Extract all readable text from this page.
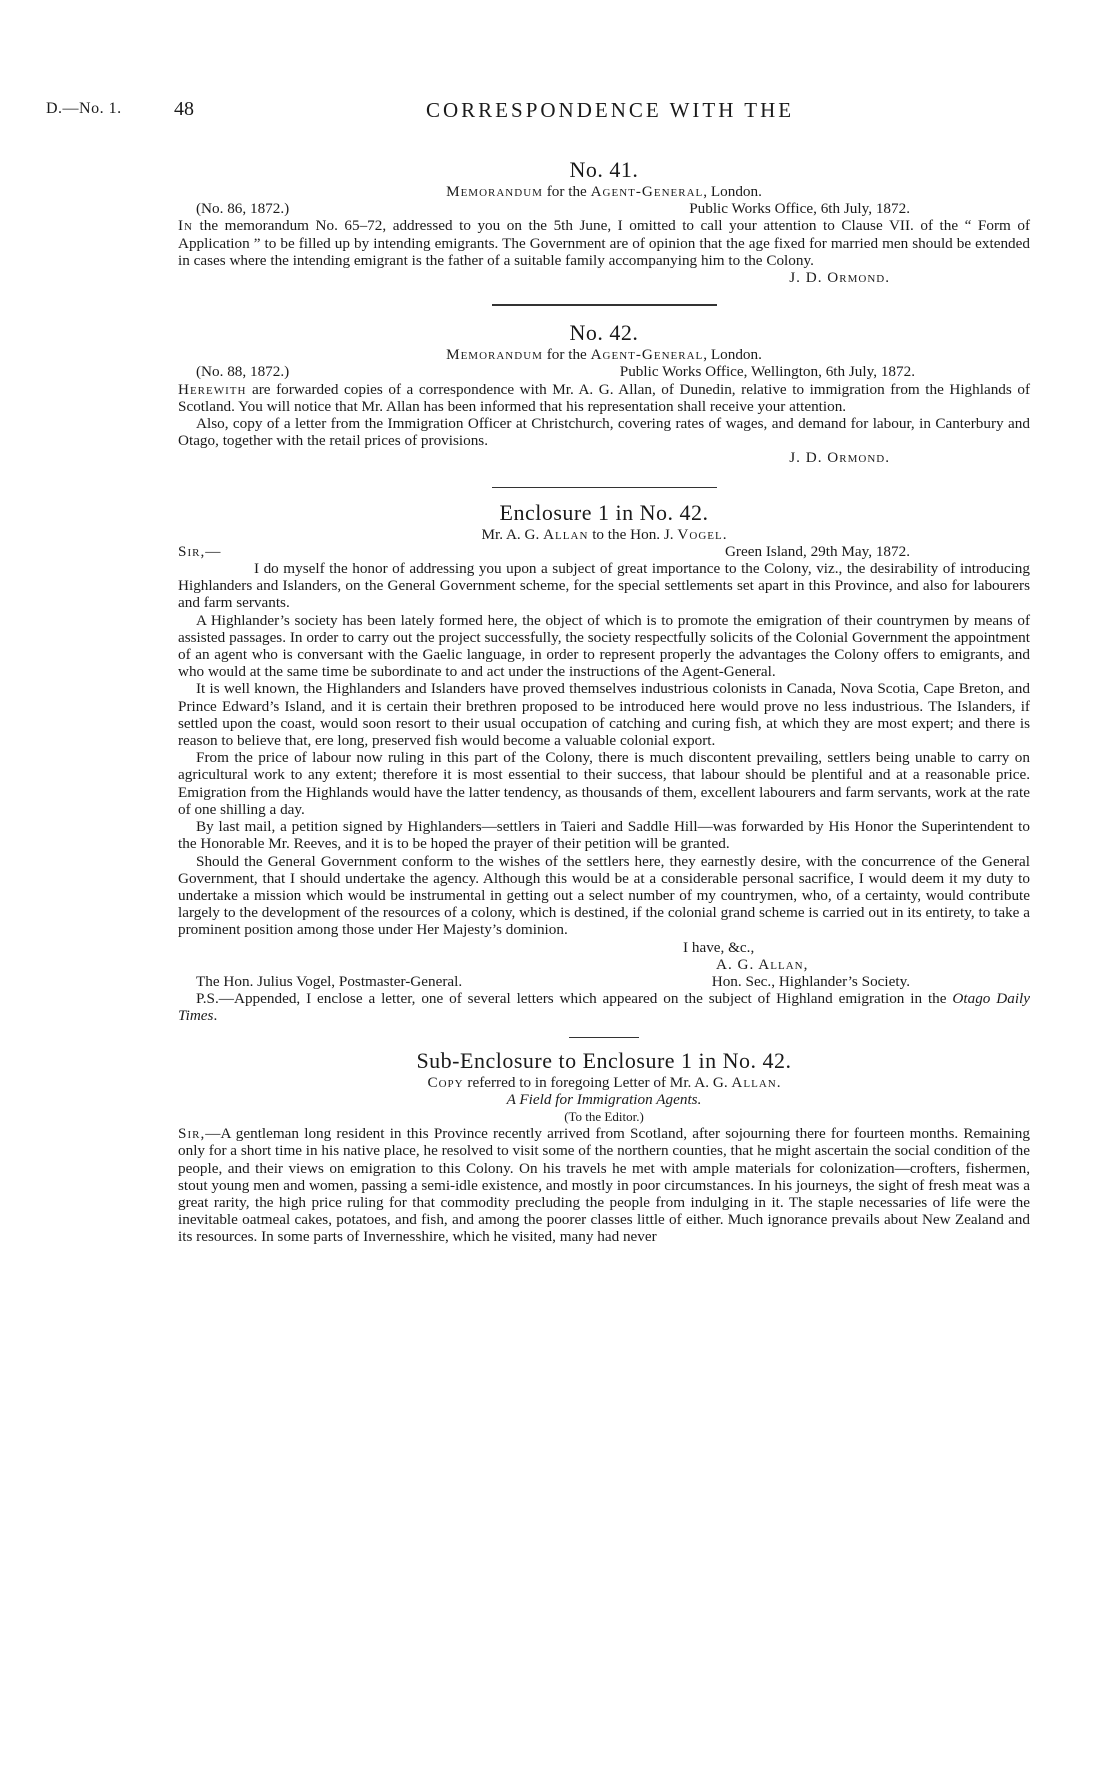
D.—No. 1.	48	CORRESPONDENCE WITH THE
No. 41.
Memorandum for the Agent-General, London.
(No. 86, 1872.)	Public Works Office, 6th July, 1872.

In the memorandum No. 65–72, addressed to you on the 5th June, I omitted to call your attention to Clause VII. of the “ Form of Application ” to be filled up by intending emigrants. The Government are of opinion that the age fixed for married men should be extended in cases where the intending emigrant is the father of a suitable family accompanying him to the Colony.

J. D. Ormond.
No. 42.
Memorandum for the Agent-General, London.
(No. 88, 1872.)	Public Works Office, Wellington, 6th July, 1872.

Herewith are forwarded copies of a correspondence with Mr. A. G. Allan, of Dunedin, relative to immigration from the Highlands of Scotland. You will notice that Mr. Allan has been informed that his representation shall receive your attention.

Also, copy of a letter from the Immigration Officer at Christchurch, covering rates of wages, and demand for labour, in Canterbury and Otago, together with the retail prices of provisions.

J. D. Ormond.
Enclosure 1 in No. 42.
Mr. A. G. Allan to the Hon. J. Vogel.
Sir,—	Green Island, 29th May, 1872.

I do myself the honor of addressing you upon a subject of great importance to the Colony, viz., the desirability of introducing Highlanders and Islanders, on the General Government scheme, for the special settlements set apart in this Province, and also for labourers and farm servants.

A Highlander’s society has been lately formed here, the object of which is to promote the emigration of their countrymen by means of assisted passages. In order to carry out the project successfully, the society respectfully solicits of the Colonial Government the appointment of an agent who is conversant with the Gaelic language, in order to represent properly the advantages the Colony offers to emigrants, and who would at the same time be subordinate to and act under the instructions of the Agent-General.

It is well known, the Highlanders and Islanders have proved themselves industrious colonists in Canada, Nova Scotia, Cape Breton, and Prince Edward’s Island, and it is certain their brethren proposed to be introduced here would prove no less industrious. The Islanders, if settled upon the coast, would soon resort to their usual occupation of catching and curing fish, at which they are most expert; and there is reason to believe that, ere long, preserved fish would become a valuable colonial export.

From the price of labour now ruling in this part of the Colony, there is much discontent prevailing, settlers being unable to carry on agricultural work to any extent; therefore it is most essential to their success, that labour should be plentiful and at a reasonable price. Emigration from the Highlands would have the latter tendency, as thousands of them, excellent labourers and farm servants, work at the rate of one shilling a day.

By last mail, a petition signed by Highlanders—settlers in Taieri and Saddle Hill—was forwarded by His Honor the Superintendent to the Honorable Mr. Reeves, and it is to be hoped the prayer of their petition will be granted.

Should the General Government conform to the wishes of the settlers here, they earnestly desire, with the concurrence of the General Government, that I should undertake the agency. Although this would be at a considerable personal sacrifice, I would deem it my duty to undertake a mission which would be instrumental in getting out a select number of my countrymen, who, of a certainty, would contribute largely to the development of the resources of a colony, which is destined, if the colonial grand scheme is carried out in its entirety, to take a prominent position among those under Her Majesty’s dominion.

I have, &c.,
A. G. Allan,
The Hon. Julius Vogel, Postmaster-General.	Hon. Sec., Highlander’s Society.

P.S.—Appended, I enclose a letter, one of several letters which appeared on the subject of Highland emigration in the Otago Daily Times.

Sub-Enclosure to Enclosure 1 in No. 42.
Copy referred to in foregoing Letter of Mr. A. G. Allan.
A Field for Immigration Agents.
(To the Editor.)

Sir,—A gentleman long resident in this Province recently arrived from Scotland, after sojourning there for fourteen months. Remaining only for a short time in his native place, he resolved to visit some of the northern counties, that he might ascertain the social condition of the people, and their views on emigration to this Colony. On his travels he met with ample materials for colonization—crofters, fishermen, stout young men and women, passing a semi-idle existence, and mostly in poor circumstances. In his journeys, the sight of fresh meat was a great rarity, the high price ruling for that commodity precluding the people from indulging in it. The staple necessaries of life were the inevitable oatmeal cakes, potatoes, and fish, and among the poorer classes little of either. Much ignorance prevails about New Zealand and its resources. In some parts of Invernesshire, which he visited, many had never
